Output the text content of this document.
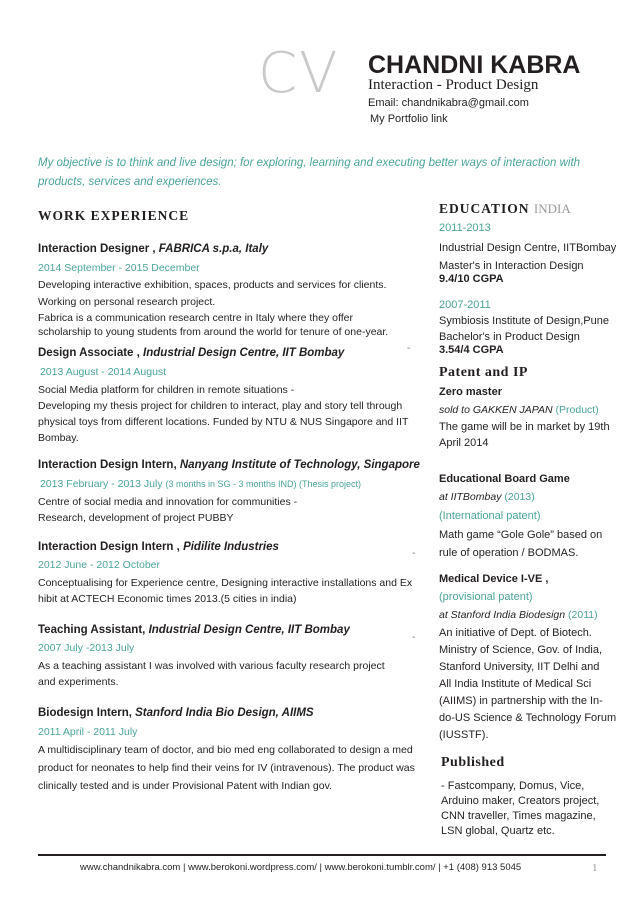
CV CHANDNI KABRA
Interaction - Product Design
Email: chandnikabra@gmail.com
My Portfolio link
My objective is to think and live design; for exploring, learning and executing better ways of interaction with
products, services and experiences.
WORK EXPERIENCE
Interaction Designer , FABRICA s.p.a, Italy
2014 September - 2015 December
Developing interactive exhibition, spaces, products and services for clients.
Working on personal research project.
Fabrica is a communication research centre in Italy where they offer
scholarship to young students from around the world for tenure of one-year.
Design Associate , Industrial Design Centre, IIT Bombay	-
2013 August - 2014 August
Social Media platform for children in remote situations -
Developing my thesis project for children to interact, play and story tell through
physical toys from different locations. Funded by NTU & NUS Singapore and IIT
Bombay.
Interaction Design Intern, Nanyang Institute of Technology, Singapore
2013 February - 2013 July (3 months in SG - 3 months IND) (Thesis project)
Centre of social media and innovation for communities -
Research, development of project PUBBY
Interaction Design Intern , Pidilite Industries
-
2012 June - 2012 October
Conceptualising for Experience centre, Designing interactive installations and Ex
hibit at ACTECH Economic times 2013.(5 cities in india)
Teaching Assistant, Industrial Design Centre, IIT Bombay
-
2007 July -2013 July
As a teaching assistant I was involved with various faculty research project
and experiments.
Biodesign Intern, Stanford India Bio Design, AIIMS
2011 April - 2011 July
A multidisciplinary team of doctor, and bio med eng collaborated to design a med
product for neonates to help find their veins for IV (intravenous). The product was
clinically tested and is under Provisional Patent with Indian gov.
EDUCATION INDIA
2011-2013
Industrial Design Centre, IITBombay
Master's in Interaction Design
9.4/10 CGPA
2007-2011
Symbiosis Institute of Design,Pune
Bachelor's in Product Design
3.54/4 CGPA
Patent and IP
Zero master
sold to GAKKEN JAPAN (Product)
The game will be in market by 19th
April 2014
Educational Board Game
at IITBombay (2013)
(International patent)
Math game “Gole Gole” based on
rule of operation / BODMAS.
Medical Device I-VE ,
(provisional patent)
at Stanford India Biodesign (2011)
An initiative of Dept. of Biotech.
Ministry of Science, Gov. of India,
Stanford University, IIT Delhi and
All India Institute of Medical Sci
(AIIMS) in partnership with the In-
do-US Science & Technology Forum
(IUSSTF).
Published
- Fastcompany, Domus, Vice,
Arduino maker, Creators project,
CNN traveller, Times magazine,
LSN global, Quartz etc.
www.chandnikabra.com | www.berokoni.wordpress.com/ | www.berokoni.tumblr.com/ | +1 (408) 913 5045	1
